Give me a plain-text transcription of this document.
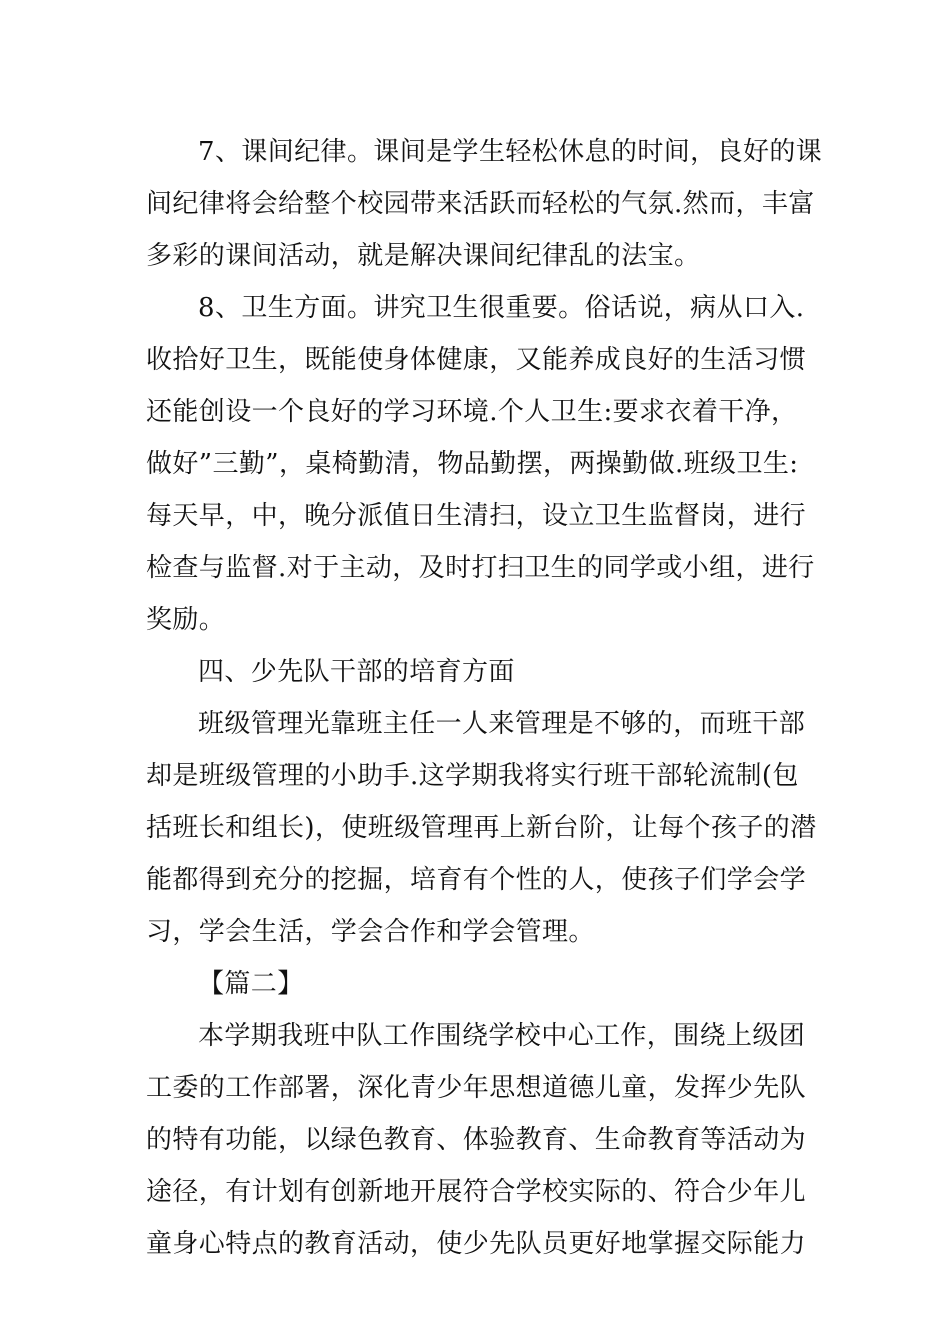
7、课间纪律。课间是学生轻松休息的时间，良好的课

间纪律将会给整个校园带来活跃而轻松的气氛.然而，丰富

多彩的课间活动，就是解决课间纪律乱的法宝。

8、卫生方面。讲究卫生很重要。俗话说，病从口入.

收拾好卫生，既能使身体健康，又能养成良好的生活习惯

还能创设一个良好的学习环境.个人卫生:要求衣着干净，

做好”三勤”，桌椅勤清，物品勤摆，两操勤做.班级卫生:

每天早，中，晚分派值日生清扫，设立卫生监督岗，进行

检查与监督.对于主动，及时打扫卫生的同学或小组，进行

奖励。

四、少先队干部的培育方面

班级管理光靠班主任一人来管理是不够的，而班干部

却是班级管理的小助手.这学期我将实行班干部轮流制(包

括班长和组长)，使班级管理再上新台阶，让每个孩子的潜

能都得到充分的挖掘，培育有个性的人，使孩子们学会学

习，学会生活，学会合作和学会管理。

【篇二】

本学期我班中队工作围绕学校中心工作，围绕上级团

工委的工作部署，深化青少年思想道德儿童，发挥少先队

的特有功能，以绿色教育、体验教育、生命教育等活动为

途径，有计划有创新地开展符合学校实际的、符合少年儿

童身心特点的教育活动，使少先队员更好地掌握交际能力
